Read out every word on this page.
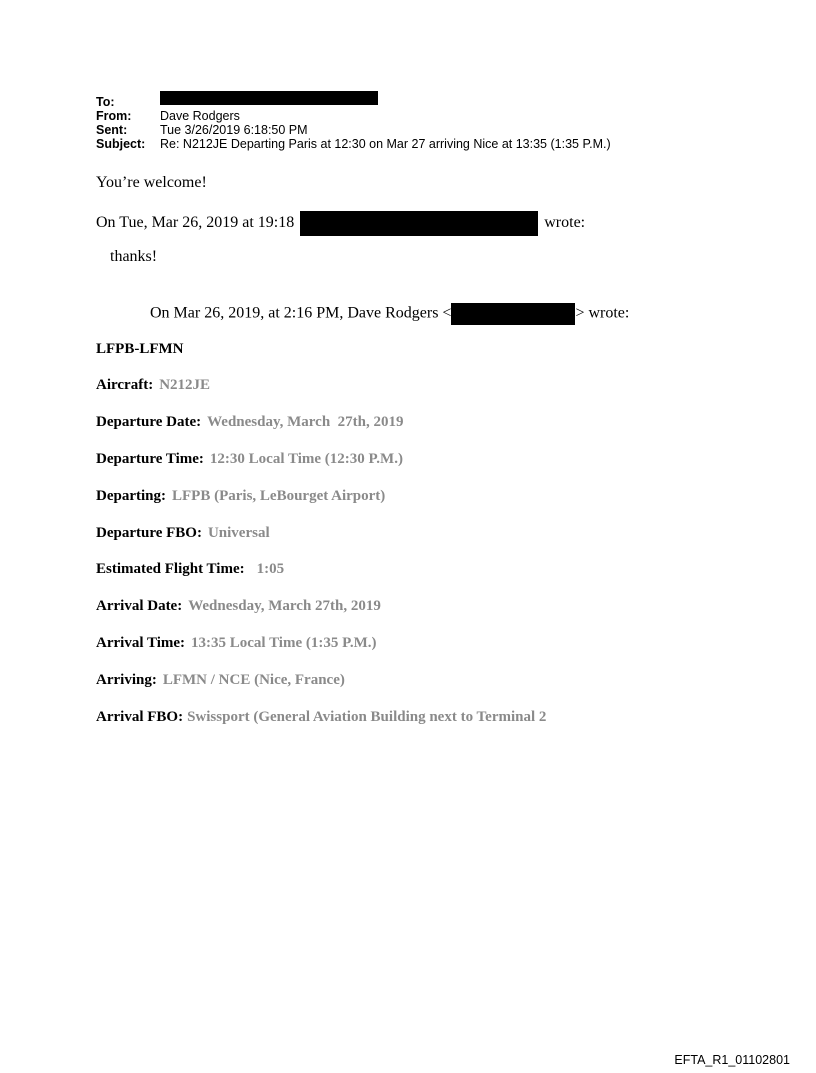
To:
From:	Dave Rodgers
Sent:	Tue 3/26/2019 6:18:50 PM
Subject:	Re: N212JE Departing Paris at 12:30 on Mar 27 arriving Nice at 13:35 (1:35 P.M.)
You’re welcome!
On Tue, Mar 26, 2019 at 19:18	wrote:
thanks!
On Mar 26, 2019, at 2:16 PM, Dave Rodgers <	> wrote:
LFPB-LFMN
Aircraft: N212JE
Departure Date: Wednesday, March  27th, 2019
Departure Time: 12:30 Local Time (12:30 P.M.)
Departing: LFPB (Paris, LeBourget Airport)
Departure FBO: Universal
Estimated Flight Time: 1:05
Arrival Date: Wednesday, March 27th, 2019
Arrival Time: 13:35 Local Time (1:35 P.M.)
Arriving: LFMN / NCE (Nice, France)
Arrival FBO: Swissport (General Aviation Building next to Terminal 2
EFTA_R1_01102801
